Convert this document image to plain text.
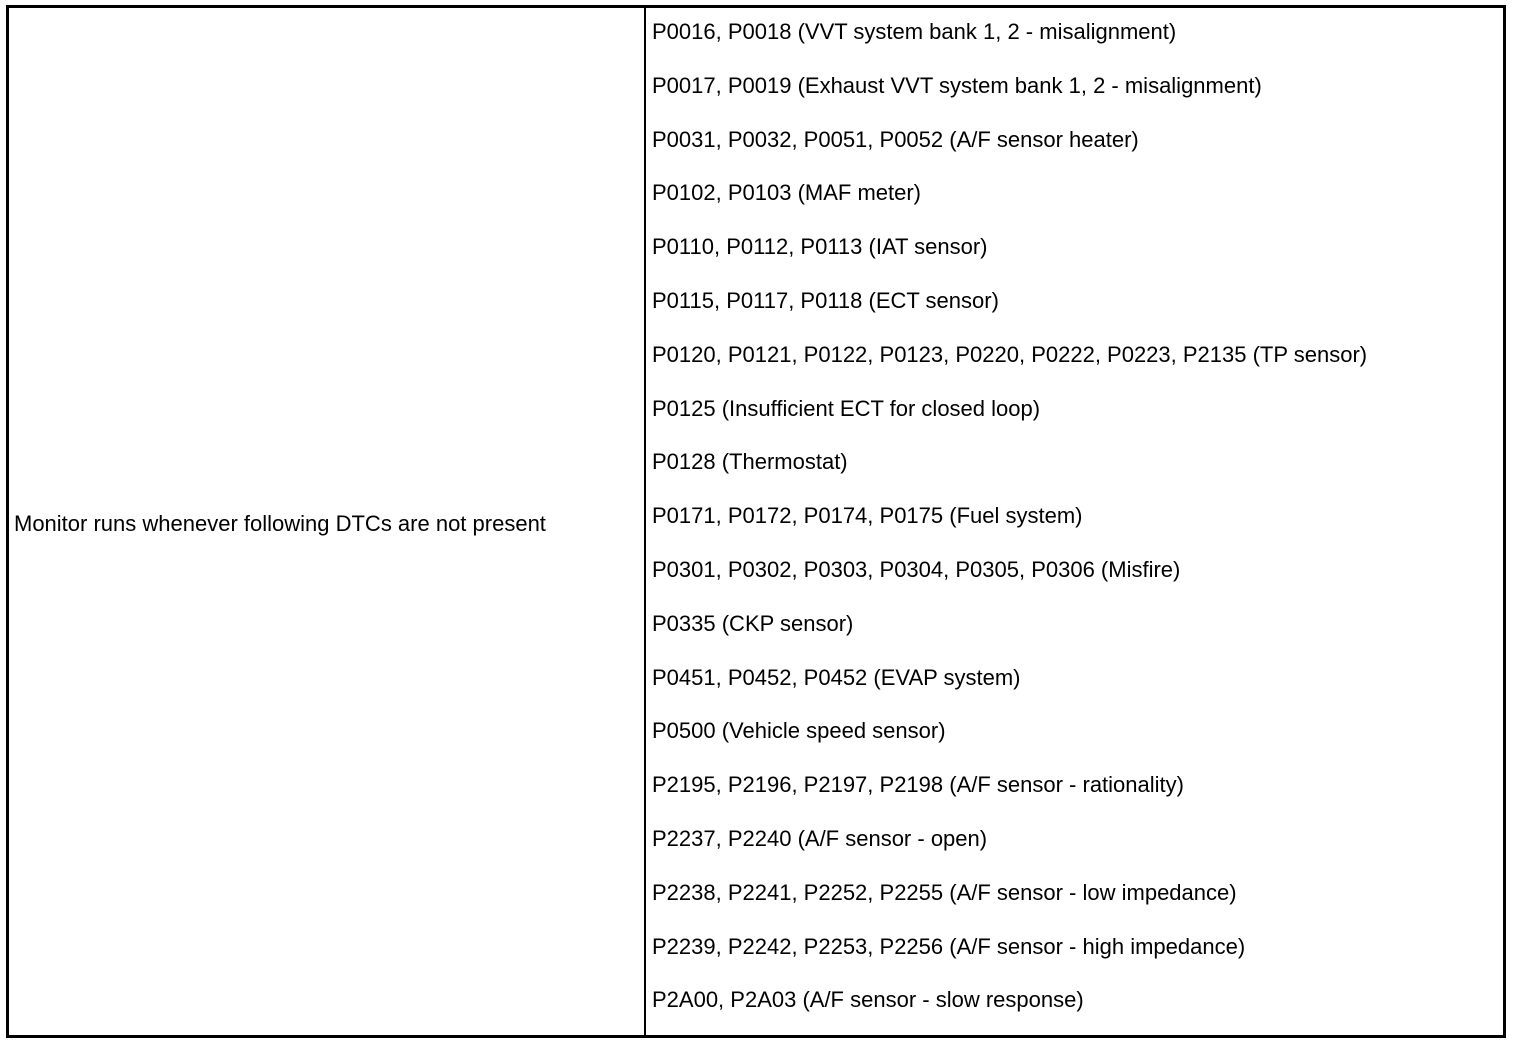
Monitor runs whenever following DTCs are not present
P0016, P0018 (VVT system bank 1, 2 - misalignment)
P0017, P0019 (Exhaust VVT system bank 1, 2 - misalignment)
P0031, P0032, P0051, P0052 (A/F sensor heater)
P0102, P0103 (MAF meter)
P0110, P0112, P0113 (IAT sensor)
P0115, P0117, P0118 (ECT sensor)
P0120, P0121, P0122, P0123, P0220, P0222, P0223, P2135 (TP sensor)
P0125 (Insufficient ECT for closed loop)
P0128 (Thermostat)
P0171, P0172, P0174, P0175 (Fuel system)
P0301, P0302, P0303, P0304, P0305, P0306 (Misfire)
P0335 (CKP sensor)
P0451, P0452, P0452 (EVAP system)
P0500 (Vehicle speed sensor)
P2195, P2196, P2197, P2198 (A/F sensor - rationality)
P2237, P2240 (A/F sensor - open)
P2238, P2241, P2252, P2255 (A/F sensor - low impedance)
P2239, P2242, P2253, P2256 (A/F sensor - high impedance)
P2A00, P2A03 (A/F sensor - slow response)
